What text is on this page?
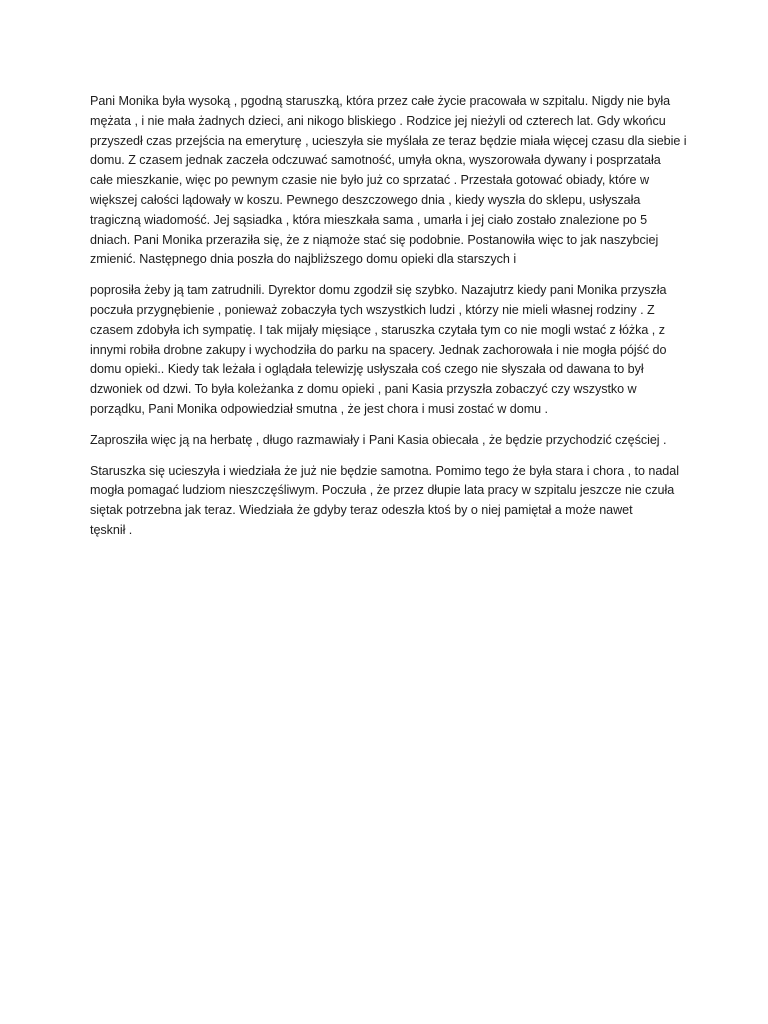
Pani Monika była wysoką , pgodną staruszką, która przez całe życie pracowała w szpitalu. Nigdy nie była
mężata , i nie mała żadnych dzieci, ani nikogo bliskiego . Rodzice jej nieżyli od czterech lat. Gdy wkońcu
przyszedł czas przejścia na emeryturę , ucieszyła sie myślała ze teraz będzie miała więcej czasu dla siebie i
domu. Z czasem jednak zaczeła odczuwać samotność, umyła okna, wyszorowała dywany i posprzatała
całe mieszkanie, więc po pewnym czasie nie było już co sprzatać . Przestała gotować obiady, które w
większej całości lądowały w koszu. Pewnego deszczowego dnia , kiedy wyszła do sklepu, usłyszała
tragiczną wiadomość. Jej sąsiadka , która mieszkała sama , umarła i jej ciało zostało znalezione po 5
dniach. Pani Monika przeraziła się, że z niąmoże stać się podobnie. Postanowiła więc to jak naszybciej
zmienić. Następnego dnia poszła do najbliższego domu opieki dla starszych i

poprosiła żeby ją tam zatrudnili. Dyrektor domu zgodził się szybko. Nazajutrz kiedy pani Monika przyszła
poczuła przygnębienie , ponieważ zobaczyła tych wszystkich ludzi , którzy nie mieli własnej rodziny . Z
czasem zdobyła ich sympatię. I tak mijały mięsiące , staruszka czytała tym co nie mogli wstać z łóżka , z
innymi robiła drobne zakupy i wychodziła do parku na spacery. Jednak zachorowała i nie mogła pójść do
domu opieki.. Kiedy tak leżała i oglądała telewizję usłyszała coś czego nie słyszała od dawana to był
dzwoniek od dzwi. To była koleżanka z domu opieki , pani Kasia przyszła zobaczyć czy wszystko w
porządku, Pani Monika odpowiedział smutna , że jest chora i musi zostać w domu .

Zaprosziła więc ją na herbatę , długo razmawiały i Pani Kasia obiecała , że będzie przychodzić częściej .

Staruszka się ucieszyła i wiedziała że już nie będzie samotna. Pomimo tego że była stara i chora , to nadal
mogła pomagać ludziom nieszczęśliwym. Poczuła , że przez dłupie lata pracy w szpitalu jeszcze nie czuła
siętak potrzebna jak teraz. Wiedziała że gdyby teraz odeszła ktoś by o niej pamiętał a może nawet
tęsknił .
